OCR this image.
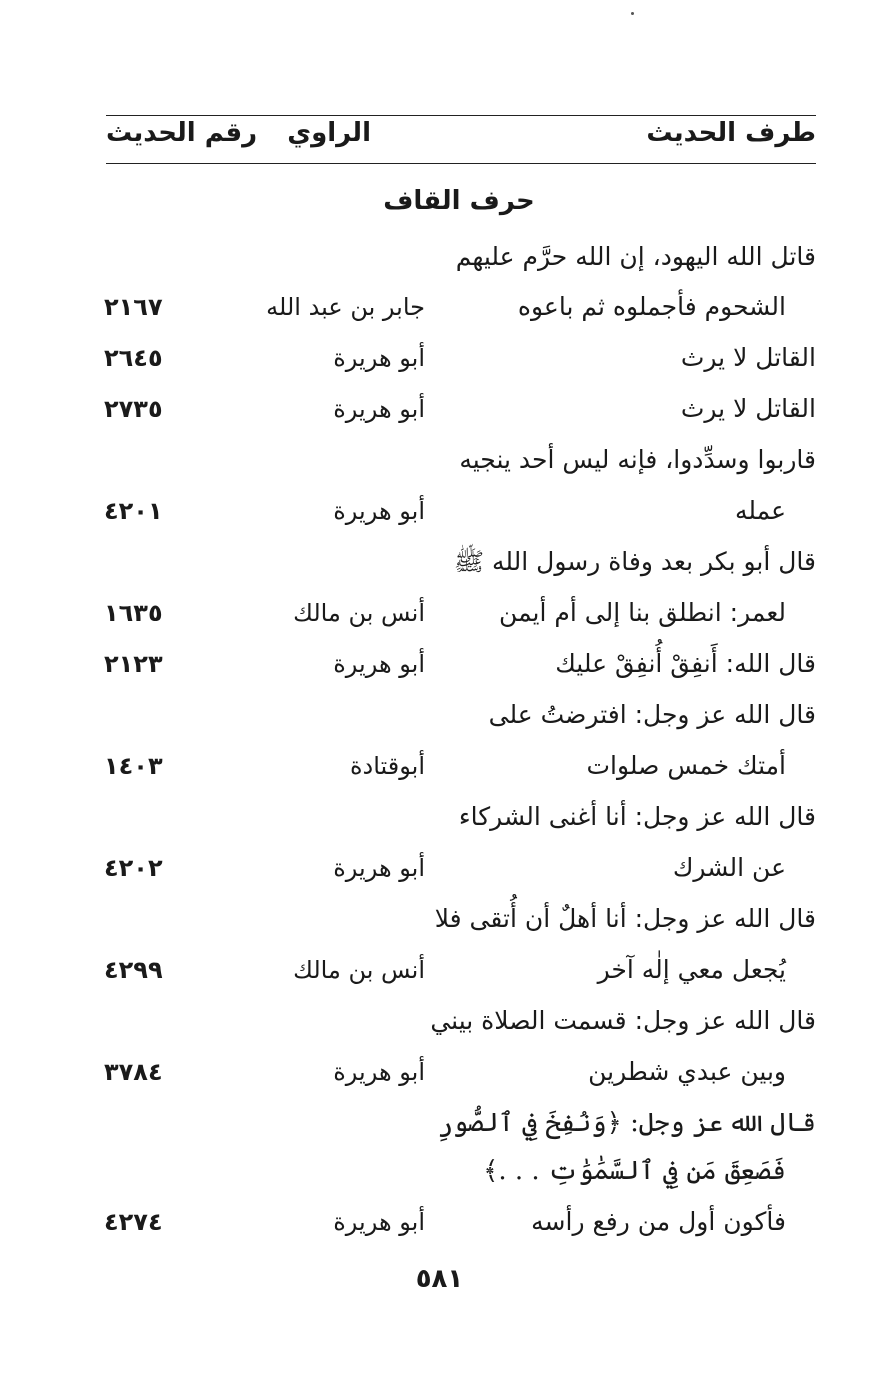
طرف الحديث
الراوي
رقم الحديث
حرف القاف
قاتل الله اليهود، إن الله حرَّم عليهم
الشحوم فأجملوه ثم باعوه
جابر بن عبد الله
٢١٦٧
القاتل لا يرث
أبو هريرة
٢٦٤٥
القاتل لا يرث
أبو هريرة
٢٧٣٥
قاربوا وسدِّدوا، فإنه ليس أحد ينجيه
عمله
أبو هريرة
٤٢٠١
قال أبو بكر بعد وفاة رسول الله ﷺ
لعمر: انطلق بنا إلى أم أيمن
أنس بن مالك
١٦٣٥
قال الله: أَنفِقْ أُنفِقْ عليك
أبو هريرة
٢١٢٣
قال الله عز وجل: افترضتُ على
أمتك خمس صلوات
أبوقتادة
١٤٠٣
قال الله عز وجل: أنا أغنى الشركاء
عن الشرك
أبو هريرة
٤٢٠٢
قال الله عز وجل: أنا أهلٌ أن أُتقى فلا
يُجعل معي إلٰه آخر
أنس بن مالك
٤٢٩٩
قال الله عز وجل: قسمت الصلاة بيني
وبين عبدي شطرين
أبو هريرة
٣٧٨٤
قال الله عز وجل: ﴿وَنُفِخَ فِي ٱلصُّورِ
فَصَعِقَ مَن فِي ٱلسَّمَٰوَٰتِ . . .﴾
فأكون أول من رفع رأسه
أبو هريرة
٤٢٧٤
٥٨١
